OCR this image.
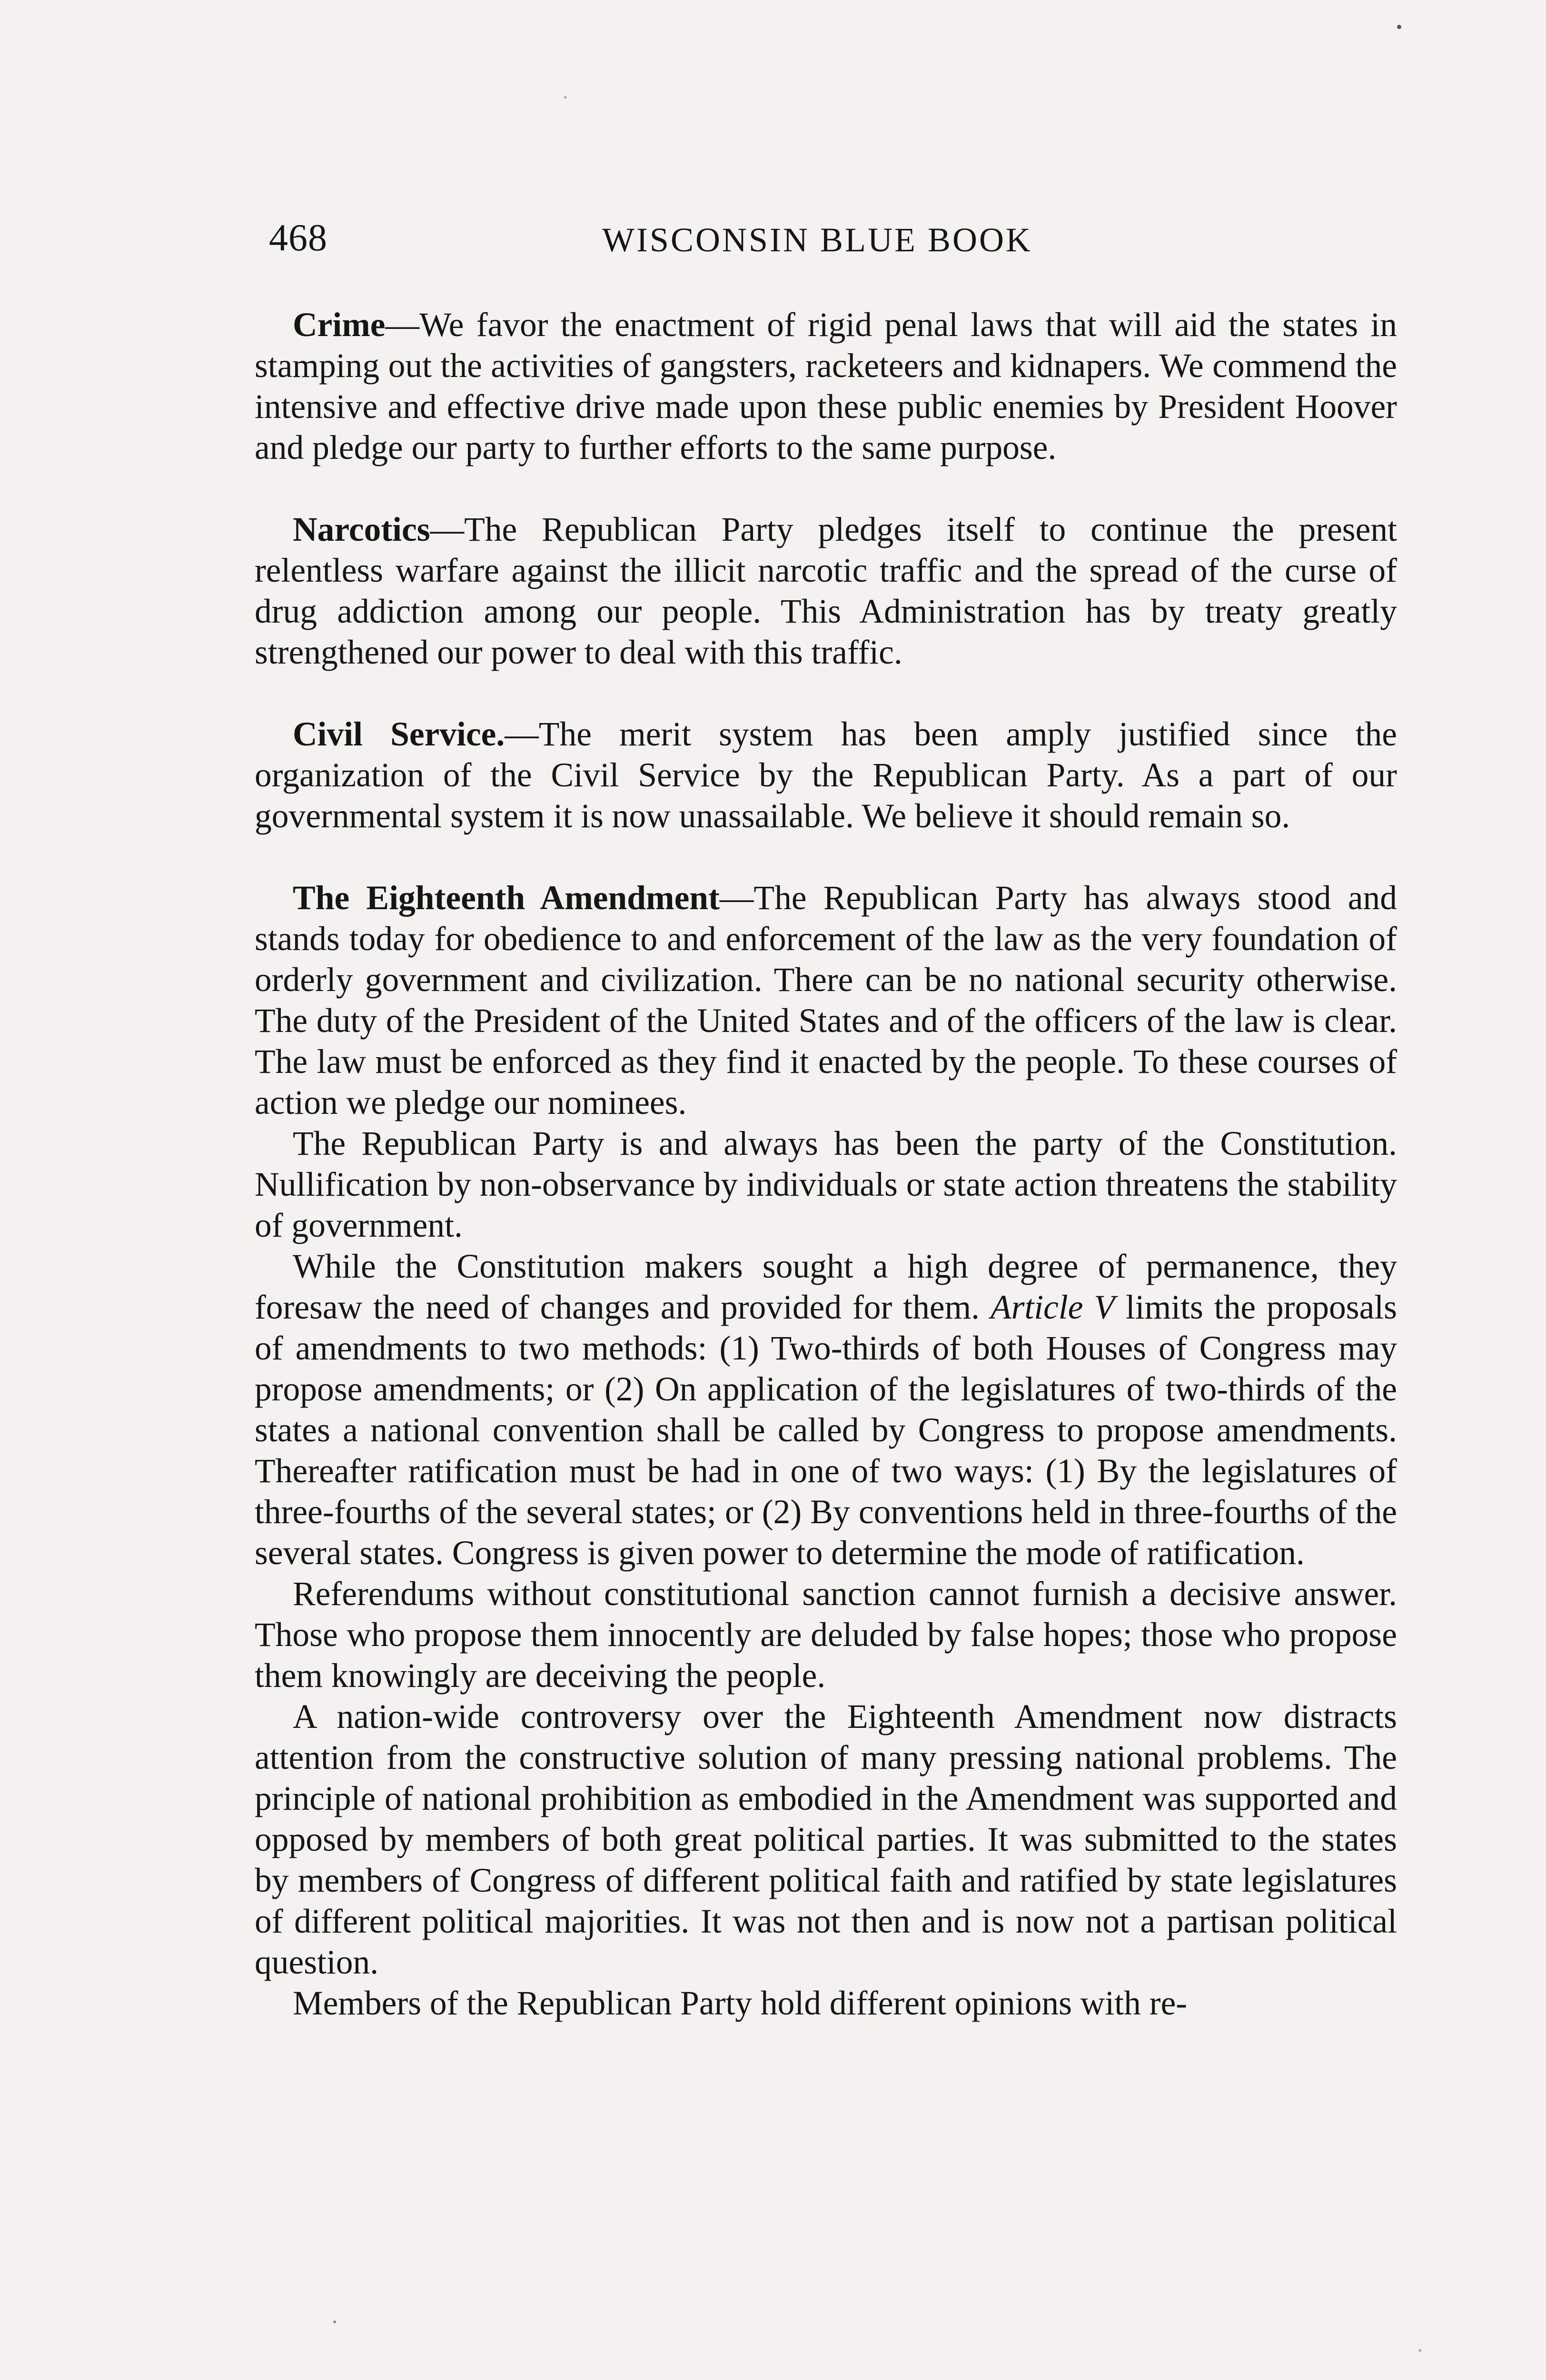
468	WISCONSIN BLUE BOOK

Crime—We favor the enactment of rigid penal laws that will aid the states in stamping out the activities of gangsters, racketeers and kidnapers. We commend the intensive and effective drive made upon these public enemies by President Hoover and pledge our party to further efforts to the same purpose.

Narcotics—The Republican Party pledges itself to continue the present relentless warfare against the illicit narcotic traffic and the spread of the curse of drug addiction among our people. This Administration has by treaty greatly strengthened our power to deal with this traffic.

Civil Service.—The merit system has been amply justified since the organization of the Civil Service by the Republican Party. As a part of our governmental system it is now unassailable. We believe it should remain so.

The Eighteenth Amendment—The Republican Party has always stood and stands today for obedience to and enforcement of the law as the very foundation of orderly government and civilization. There can be no national security otherwise. The duty of the President of the United States and of the officers of the law is clear. The law must be enforced as they find it enacted by the people. To these courses of action we pledge our nominees.

The Republican Party is and always has been the party of the Constitution. Nullification by non-observance by individuals or state action threatens the stability of government.

While the Constitution makers sought a high degree of permanence, they foresaw the need of changes and provided for them. Article V limits the proposals of amendments to two methods: (1) Two-thirds of both Houses of Congress may propose amendments; or (2) On application of the legislatures of two-thirds of the states a national convention shall be called by Congress to propose amendments. Thereafter ratification must be had in one of two ways: (1) By the legislatures of three-fourths of the several states; or (2) By conventions held in three-fourths of the several states. Congress is given power to determine the mode of ratification.

Referendums without constitutional sanction cannot furnish a decisive answer. Those who propose them innocently are deluded by false hopes; those who propose them knowingly are deceiving the people.

A nation-wide controversy over the Eighteenth Amendment now distracts attention from the constructive solution of many pressing national problems. The principle of national prohibition as embodied in the Amendment was supported and opposed by members of both great political parties. It was submitted to the states by members of Congress of different political faith and ratified by state legislatures of different political majorities. It was not then and is now not a partisan political question.

Members of the Republican Party hold different opinions with re-
